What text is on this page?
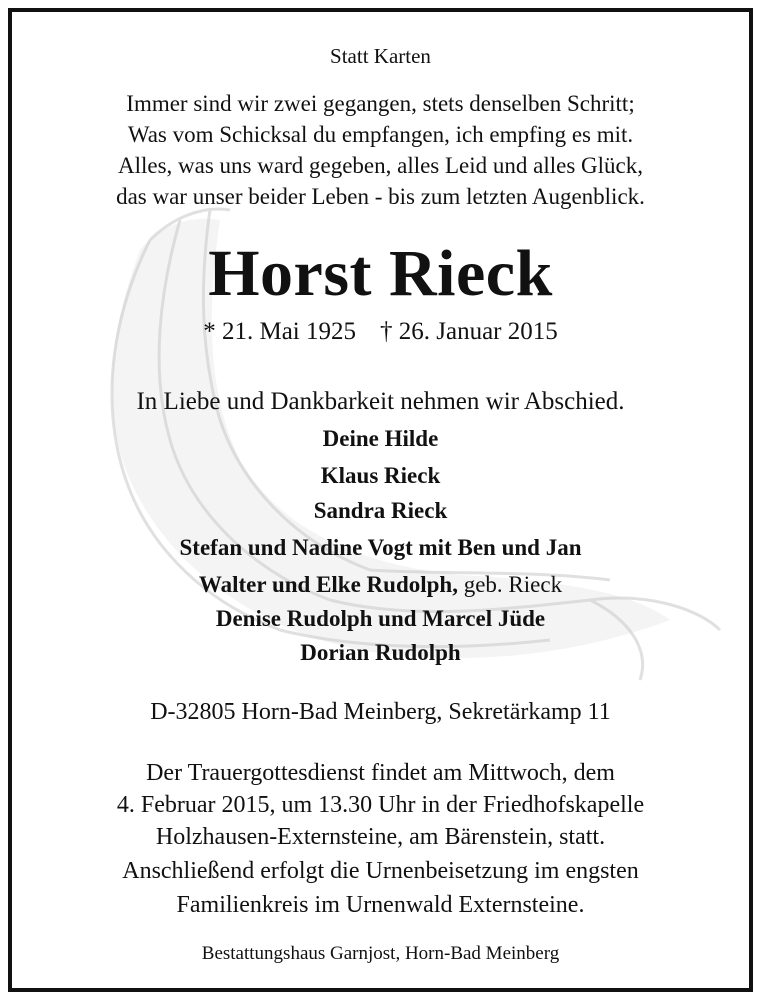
Statt Karten
Immer sind wir zwei gegangen, stets denselben Schritt;
Was vom Schicksal du empfangen, ich empfing es mit.
Alles, was uns ward gegeben, alles Leid und alles Glück,
das war unser beider Leben - bis zum letzten Augenblick.
Horst Rieck
* 21. Mai 1925 † 26. Januar 2015
In Liebe und Dankbarkeit nehmen wir Abschied.
Deine Hilde
Klaus Rieck
Sandra Rieck
Stefan und Nadine Vogt mit Ben und Jan
Walter und Elke Rudolph, geb. Rieck
Denise Rudolph und Marcel Jüde
Dorian Rudolph
D-32805 Horn-Bad Meinberg, Sekretärkamp 11
Der Trauergottesdienst findet am Mittwoch, dem
4. Februar 2015, um 13.30 Uhr in der Friedhofskapelle
Holzhausen-Externsteine, am Bärenstein, statt.
Anschließend erfolgt die Urnenbeisetzung im engsten
Familienkreis im Urnenwald Externsteine.
Bestattungshaus Garnjost, Horn-Bad Meinberg
